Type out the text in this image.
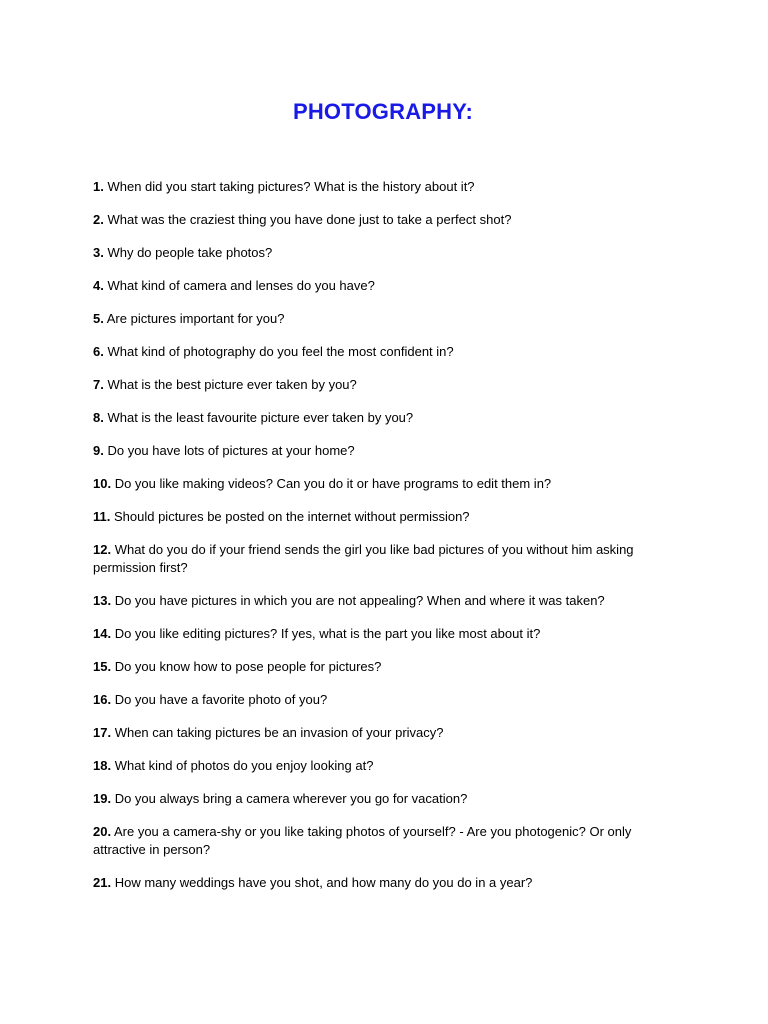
PHOTOGRAPHY:
1. When did you start taking pictures? What is the history about it?
2. What was the craziest thing you have done just to take a perfect shot?
3. Why do people take photos?
4. What kind of camera and lenses do you have?
5. Are pictures important for you?
6. What kind of photography do you feel the most confident in?
7. What is the best picture ever taken by you?
8. What is the least favourite picture ever taken by you?
9. Do you have lots of pictures at your home?
10. Do you like making videos? Can you do it or have programs to edit them in?
11. Should pictures be posted on the internet without permission?
12. What do you do if your friend sends the girl you like bad pictures of you without him asking permission first?
13. Do you have pictures in which you are not appealing? When and where it was taken?
14. Do you like editing pictures? If yes, what is the part you like most about it?
15. Do you know how to pose people for pictures?
16. Do you have a favorite photo of you?
17. When can taking pictures be an invasion of your privacy?
18. What kind of photos do you enjoy looking at?
19. Do you always bring a camera wherever you go for vacation?
20. Are you a camera-shy or you like taking photos of yourself? - Are you photogenic? Or only attractive in person?
21. How many weddings have you shot, and how many do you do in a year?
